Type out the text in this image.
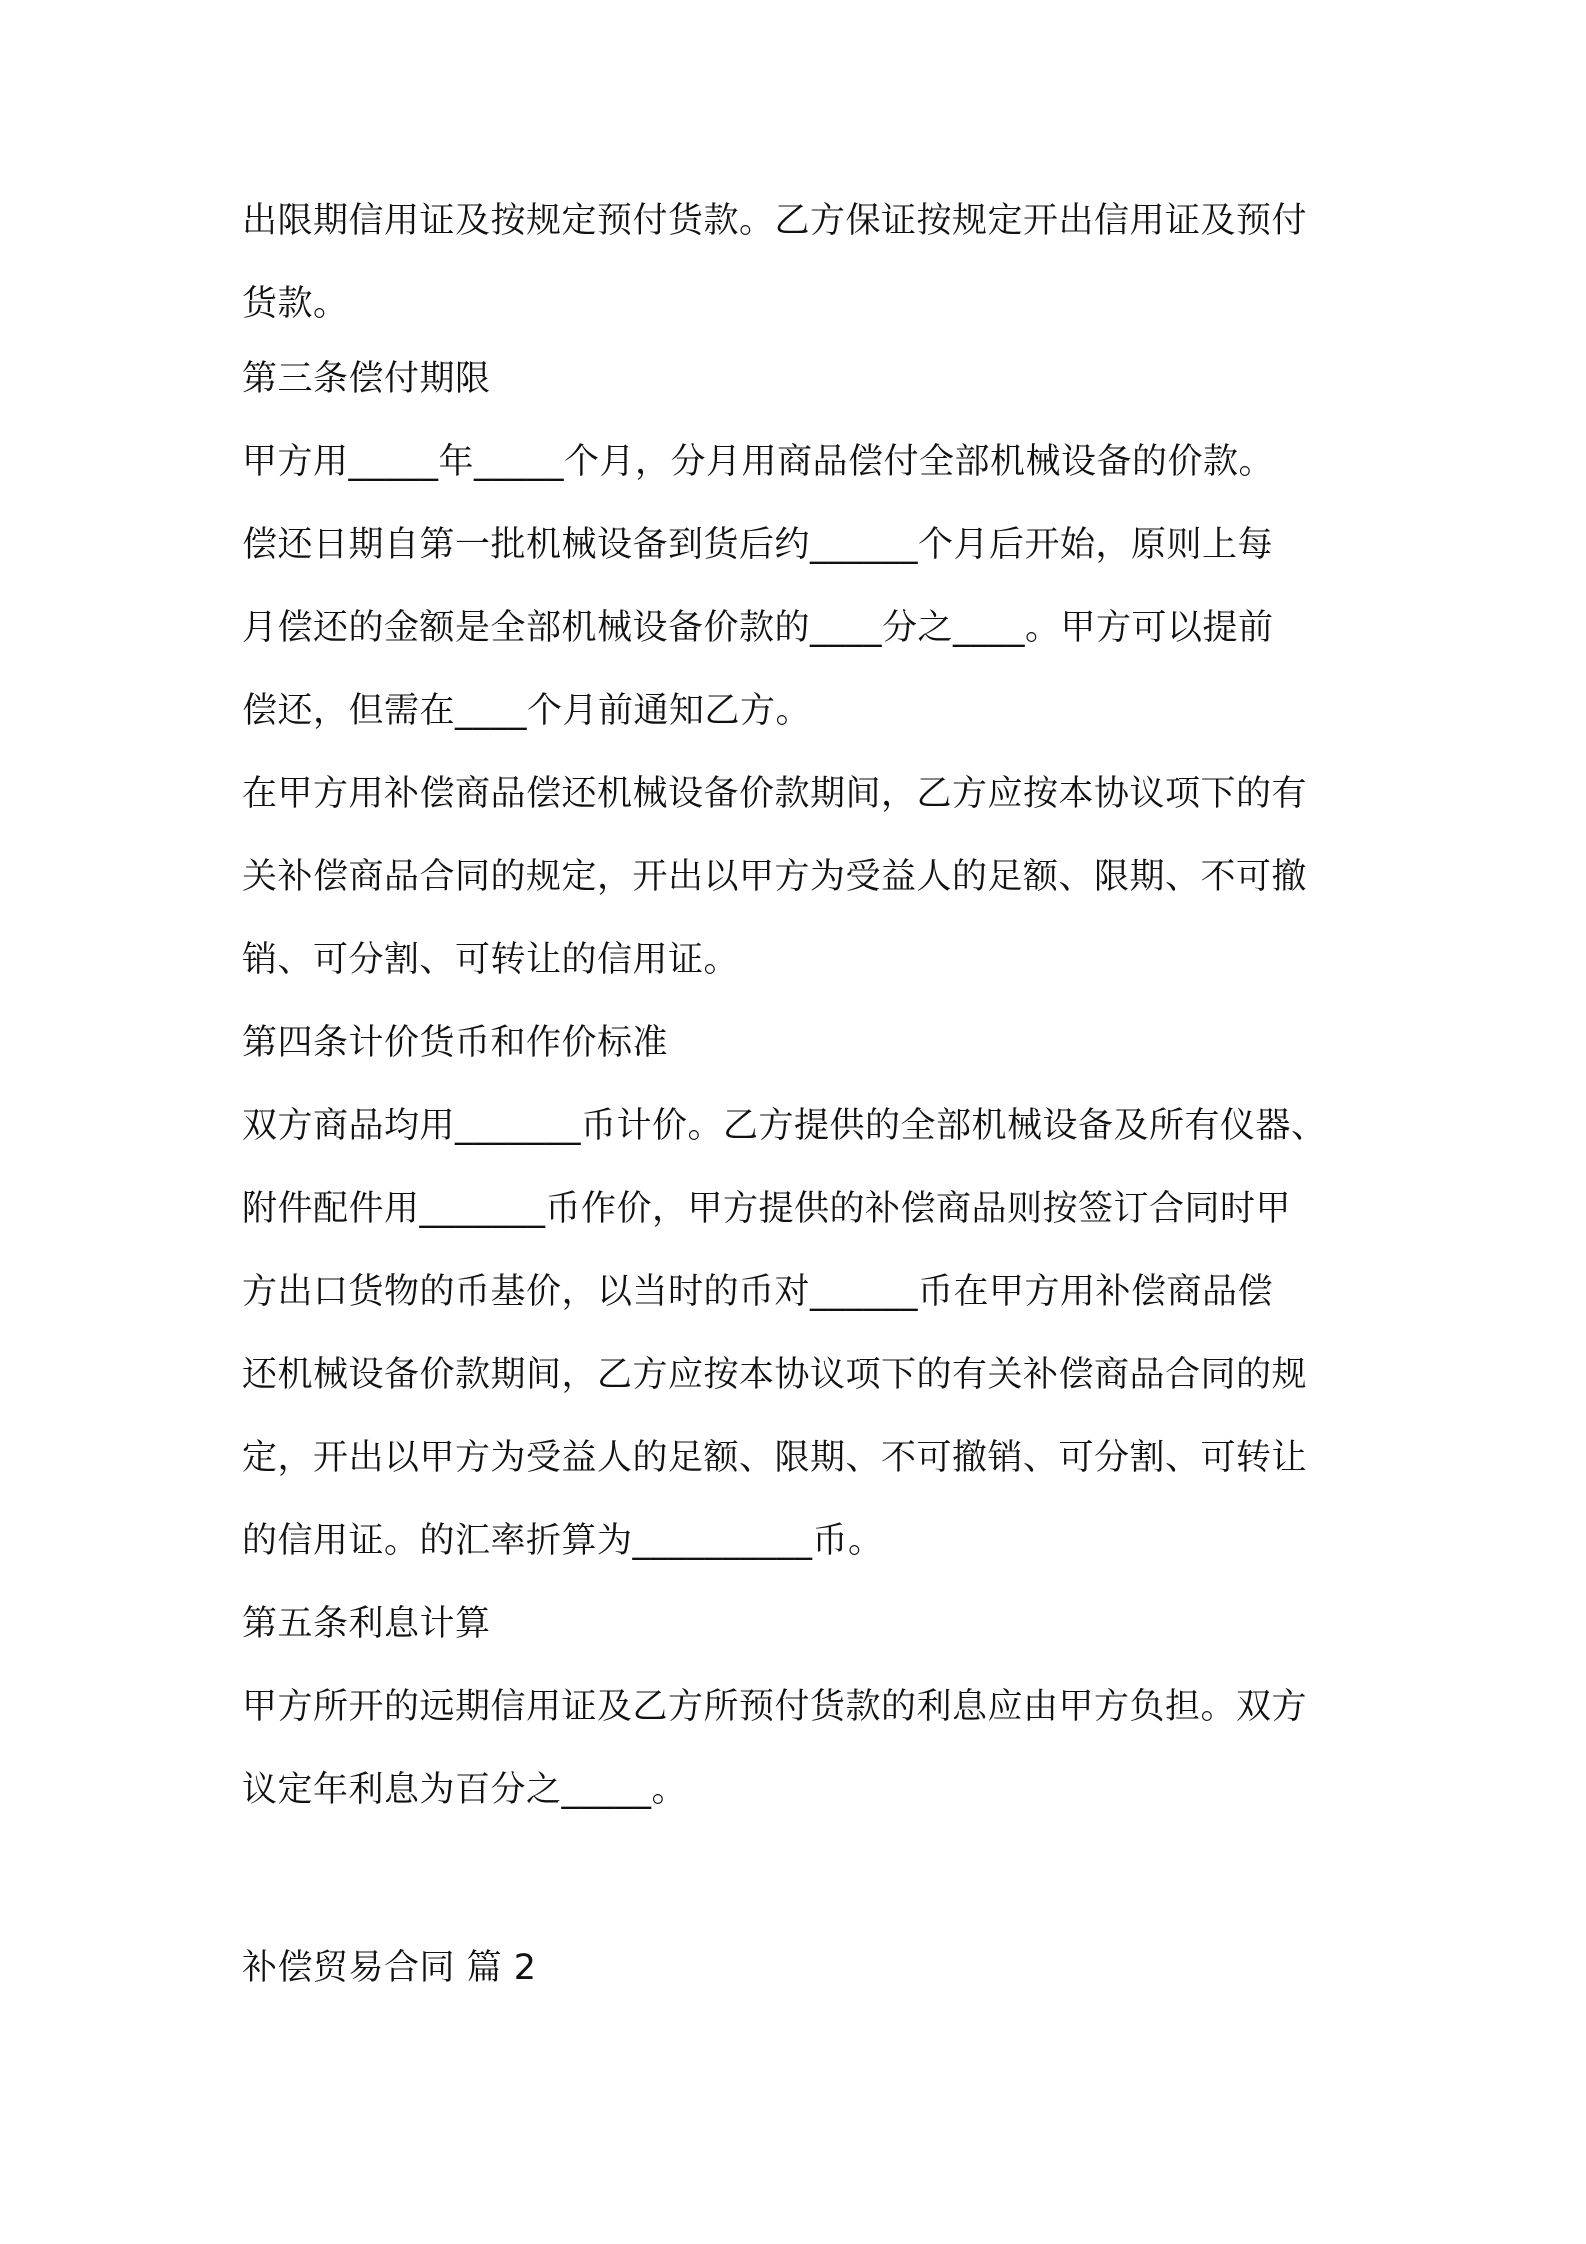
出限期信用证及按规定预付货款。乙方保证按规定开出信用证及预付

货款。

第三条偿付期限

甲方用_____年_____个月，分月用商品偿付全部机械设备的价款。

偿还日期自第一批机械设备到货后约______个月后开始，原则上每

月偿还的金额是全部机械设备价款的____分之____。甲方可以提前

偿还，但需在____个月前通知乙方。

在甲方用补偿商品偿还机械设备价款期间，乙方应按本协议项下的有

关补偿商品合同的规定，开出以甲方为受益人的足额、限期、不可撤

销、可分割、可转让的信用证。

第四条计价货币和作价标准

双方商品均用_______币计价。乙方提供的全部机械设备及所有仪器、

附件配件用_______币作价，甲方提供的补偿商品则按签订合同时甲

方出口货物的币基价，以当时的币对______币在甲方用补偿商品偿

还机械设备价款期间，乙方应按本协议项下的有关补偿商品合同的规

定，开出以甲方为受益人的足额、限期、不可撤销、可分割、可转让

的信用证。的汇率折算为__________币。

第五条利息计算

甲方所开的远期信用证及乙方所预付货款的利息应由甲方负担。双方

议定年利息为百分之_____。

补偿贸易合同 篇 2
